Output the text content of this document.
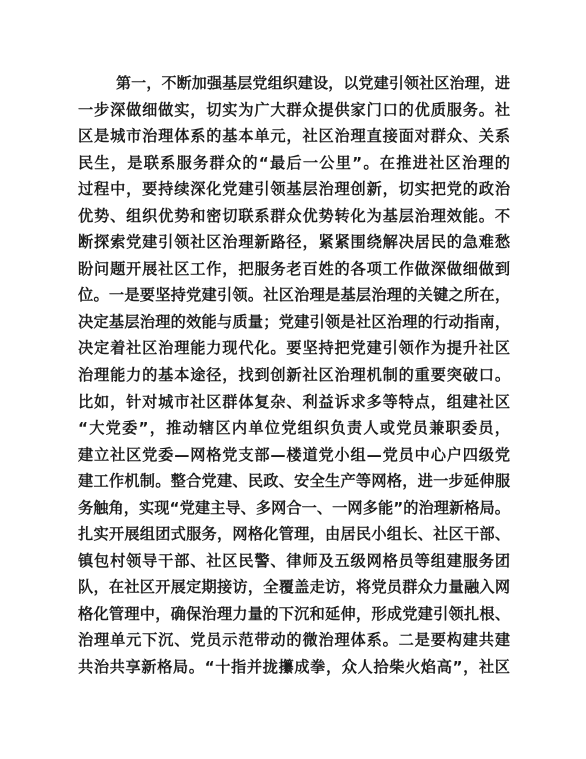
第一，不断加强基层党组织建设，以党建引领社区治理，进
一步深做细做实，切实为广大群众提供家门口的优质服务。社
区是城市治理体系的基本单元，社区治理直接面对群众、关系
民生，是联系服务群众的“最后一公里”。在推进社区治理的
过程中，要持续深化党建引领基层治理创新，切实把党的政治
优势、组织优势和密切联系群众优势转化为基层治理效能。不
断探索党建引领社区治理新路径，紧紧围绕解决居民的急难愁
盼问题开展社区工作，把服务老百姓的各项工作做深做细做到
位。一是要坚持党建引领。社区治理是基层治理的关键之所在，
决定基层治理的效能与质量；党建引领是社区治理的行动指南，
决定着社区治理能力现代化。要坚持把党建引领作为提升社区
治理能力的基本途径，找到创新社区治理机制的重要突破口。
比如，针对城市社区群体复杂、利益诉求多等特点，组建社区
“大党委”，推动辖区内单位党组织负责人或党员兼职委员，
建立社区党委—网格党支部—楼道党小组—党员中心户四级党
建工作机制。整合党建、民政、安全生产等网格，进一步延伸服
务触角，实现“党建主导、多网合一、一网多能”的治理新格局。
扎实开展组团式服务，网格化管理，由居民小组长、社区干部、
镇包村领导干部、社区民警、律师及五级网格员等组建服务团
队，在社区开展定期接访，全覆盖走访，将党员群众力量融入网
格化管理中，确保治理力量的下沉和延伸，形成党建引领扎根、
治理单元下沉、党员示范带动的微治理体系。二是要构建共建
共治共享新格局。“十指并拢攥成拳，众人拾柴火焰高”，社区
